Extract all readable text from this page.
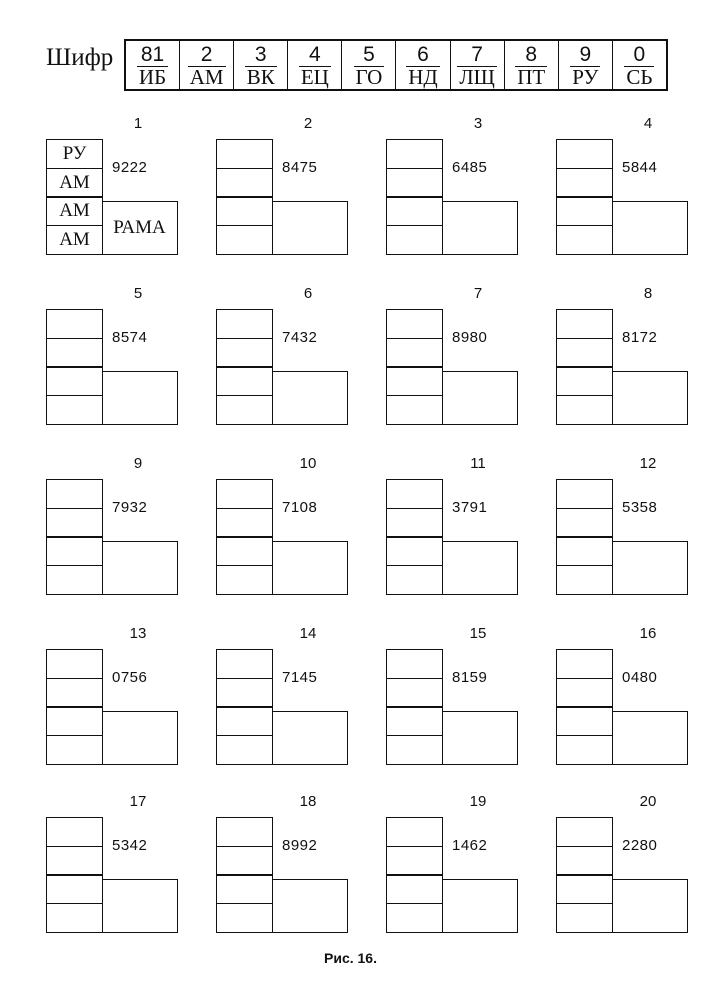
Шифр 81
ИБ
2
АМ
3
ВК
4
ЕЦ
5
ГО
6
НД
7
ЛЩ
8
ПТ
9
РУ
0
СЬ
1
РУ
АМ
АМ
АМ
9222
РАМА
2
8475
3
6485
4
5844
5
8574
6
7432
7
8980
8
8172
9
7932
10
7108
11
3791
12
5358
13
0756
14
7145
15
8159
16
0480
17
5342
18
8992
19
1462
20
2280
Рис. 16.
